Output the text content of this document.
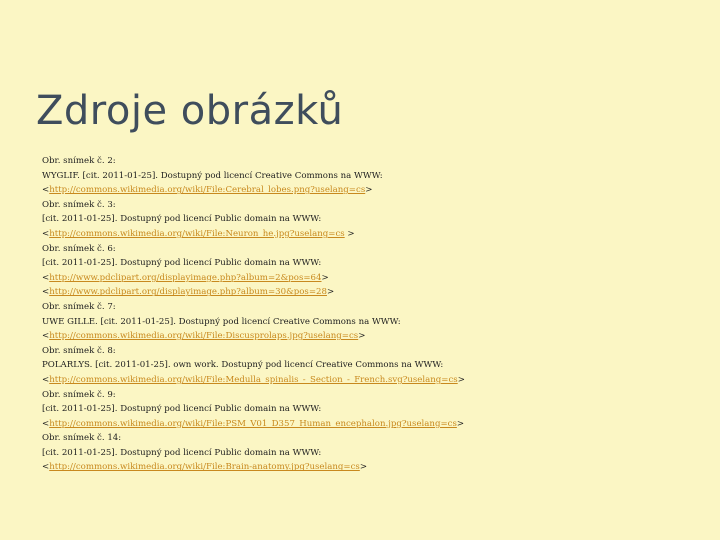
Zdroje obrázků
Obr. snímek č. 2:
WYGLIF. [cit. 2011-01-25]. Dostupný pod licencí Creative Commons na WWW:
<http://commons.wikimedia.org/wiki/File:Cerebral_lobes.png?uselang=cs>
Obr. snímek č. 3:
[cit. 2011-01-25]. Dostupný pod licencí Public domain na WWW:
<http://commons.wikimedia.org/wiki/File:Neuron_he.jpg?uselang=cs >
Obr. snímek č. 6:
[cit. 2011-01-25]. Dostupný pod licencí Public domain na WWW:
<http://www.pdclipart.org/displayimage.php?album=2&pos=64>
<http://www.pdclipart.org/displayimage.php?album=30&pos=28>
Obr. snímek č. 7:
UWE GILLE. [cit. 2011-01-25]. Dostupný pod licencí Creative Commons na WWW:
<http://commons.wikimedia.org/wiki/File:Discusprolaps.jpg?uselang=cs>
Obr. snímek č. 8:
POLARLYS. [cit. 2011-01-25]. own work. Dostupný pod licencí Creative Commons na WWW:
<http://commons.wikimedia.org/wiki/File:Medulla_spinalis_-_Section_-_French.svg?uselang=cs>
Obr. snímek č. 9:
[cit. 2011-01-25]. Dostupný pod licencí Public domain na WWW:
<http://commons.wikimedia.org/wiki/File:PSM_V01_D357_Human_encephalon.jpg?uselang=cs>
Obr. snímek č. 14:
[cit. 2011-01-25]. Dostupný pod licencí Public domain na WWW:
<http://commons.wikimedia.org/wiki/File:Brain-anatomy.jpg?uselang=cs>
